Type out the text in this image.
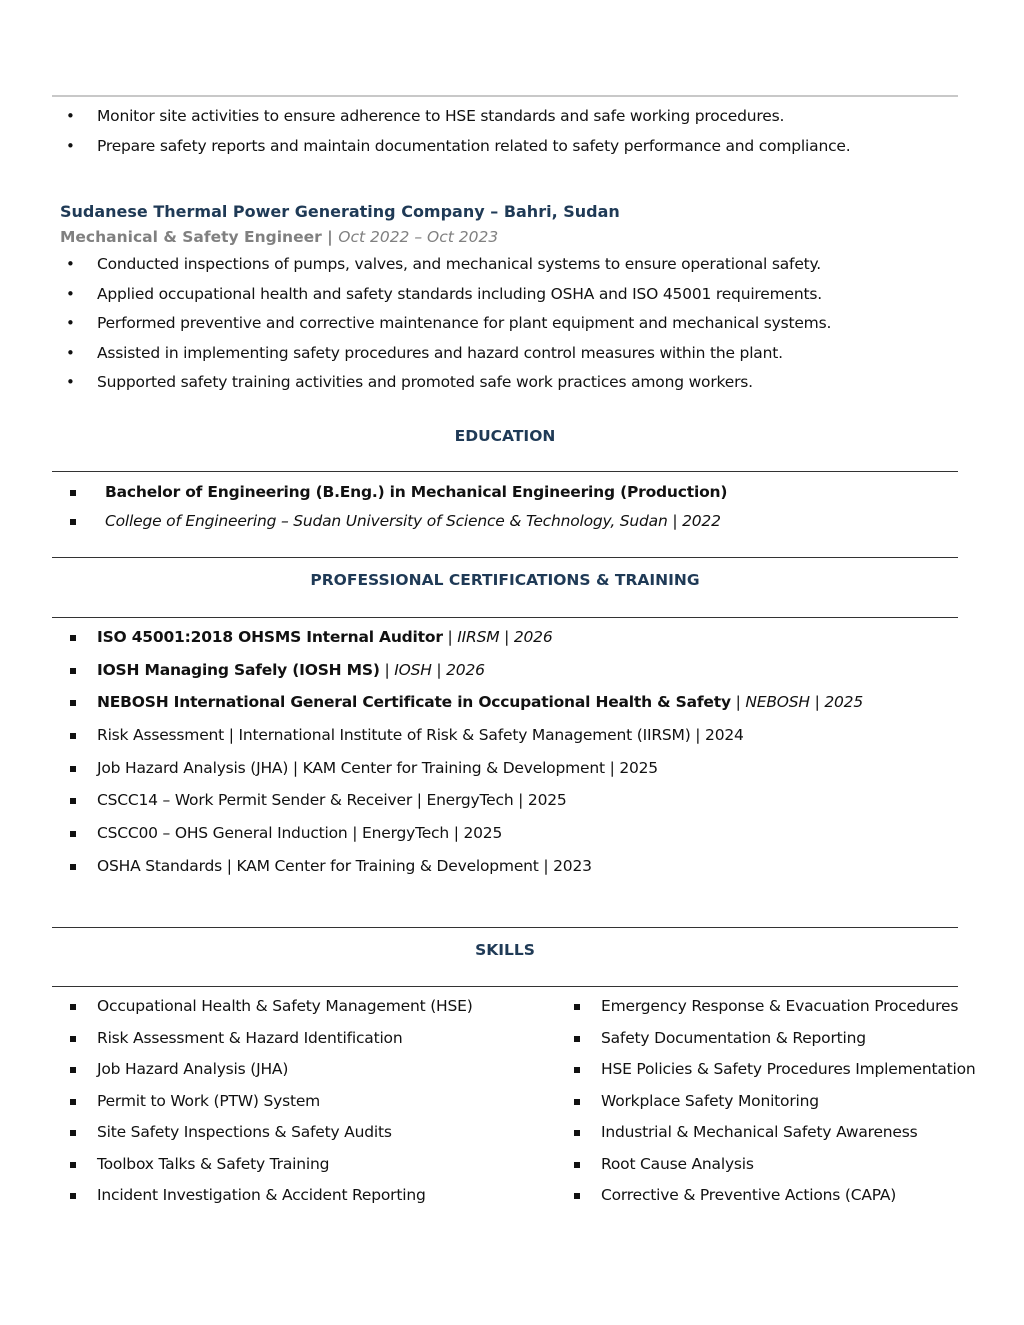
• Monitor site activities to ensure adherence to HSE standards and safe working procedures.
• Prepare safety reports and maintain documentation related to safety performance and compliance.
Sudanese Thermal Power Generating Company – Bahri, Sudan
Mechanical & Safety Engineer | Oct 2022 – Oct 2023
• Conducted inspections of pumps, valves, and mechanical systems to ensure operational safety.
• Applied occupational health and safety standards including OSHA and ISO 45001 requirements.
• Performed preventive and corrective maintenance for plant equipment and mechanical systems.
• Assisted in implementing safety procedures and hazard control measures within the plant.
• Supported safety training activities and promoted safe work practices among workers.
EDUCATION
Bachelor of Engineering (B.Eng.) in Mechanical Engineering (Production)
College of Engineering – Sudan University of Science & Technology, Sudan | 2022
PROFESSIONAL CERTIFICATIONS & TRAINING
ISO 45001:2018 OHSMS Internal Auditor | IIRSM | 2026
IOSH Managing Safely (IOSH MS) | IOSH | 2026
NEBOSH International General Certificate in Occupational Health & Safety | NEBOSH | 2025
Risk Assessment | International Institute of Risk & Safety Management (IIRSM) | 2024
Job Hazard Analysis (JHA) | KAM Center for Training & Development | 2025
CSCC14 – Work Permit Sender & Receiver | EnergyTech | 2025
CSCC00 – OHS General Induction | EnergyTech | 2025
OSHA Standards | KAM Center for Training & Development | 2023
SKILLS
Occupational Health & Safety Management (HSE)
Risk Assessment & Hazard Identification
Job Hazard Analysis (JHA)
Permit to Work (PTW) System
Site Safety Inspections & Safety Audits
Toolbox Talks & Safety Training
Incident Investigation & Accident Reporting
Emergency Response & Evacuation Procedures
Safety Documentation & Reporting
HSE Policies & Safety Procedures Implementation
Workplace Safety Monitoring
Industrial & Mechanical Safety Awareness
Root Cause Analysis
Corrective & Preventive Actions (CAPA)
